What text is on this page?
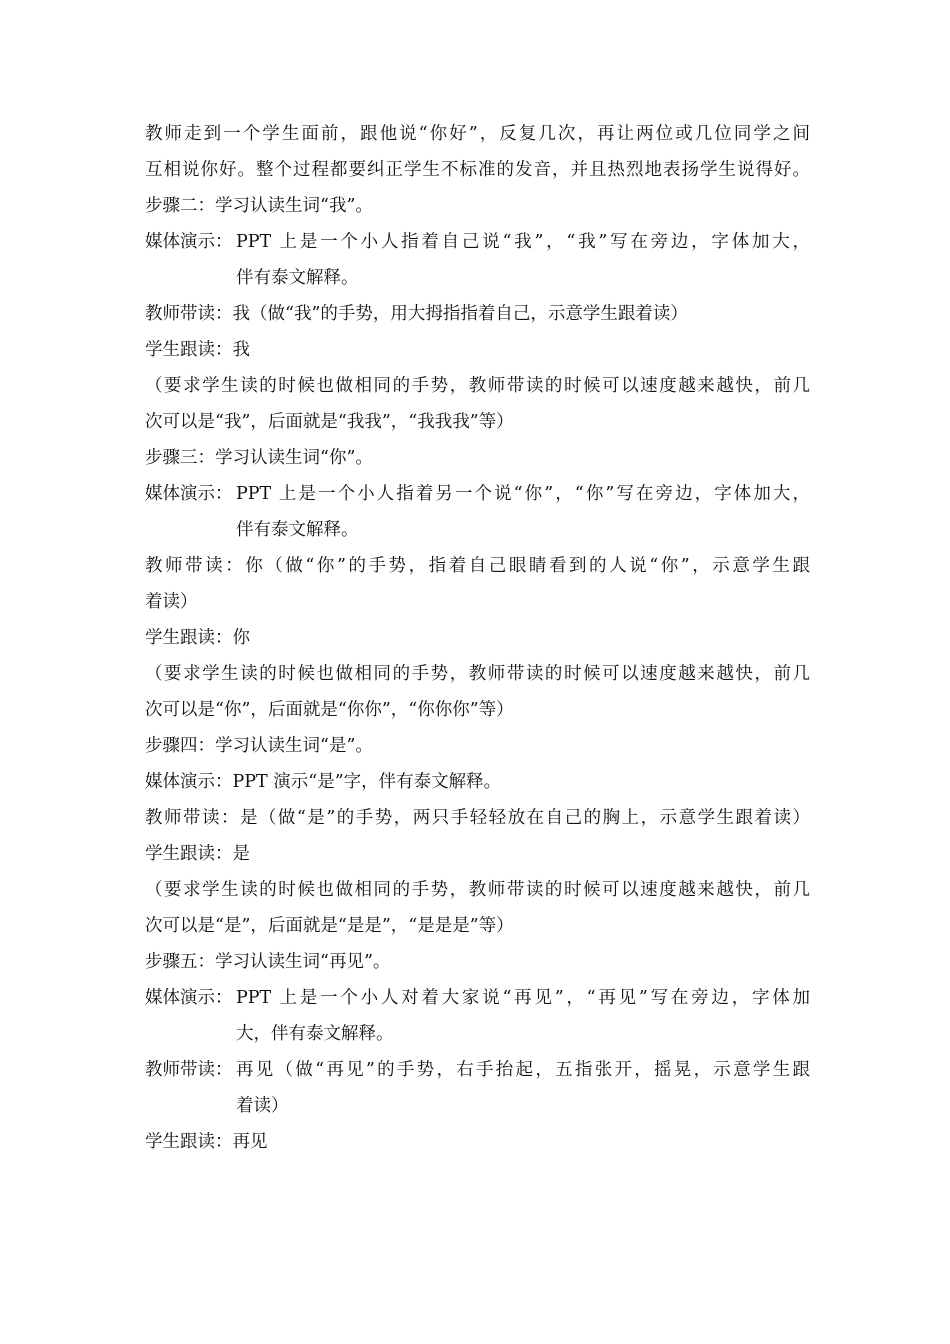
教师走到一个学生面前，跟他说“你好”，反复几次，再让两位或几位同学之间
互相说你好。整个过程都要纠正学生不标准的发音，并且热烈地表扬学生说得好。
步骤二：学习认读生词“我”。
媒体演示： PPT 上是一个小人指着自己说“我”，“我”写在旁边，字体加大，
伴有泰文解释。
教师带读：我（做“我”的手势，用大拇指指着自己，示意学生跟着读）
学生跟读：我
（要求学生读的时候也做相同的手势，教师带读的时候可以速度越来越快，前几
次可以是“我”，后面就是“我我”，“我我我”等）
步骤三：学习认读生词“你”。
媒体演示： PPT 上是一个小人指着另一个说“你”，“你”写在旁边，字体加大，
伴有泰文解释。
教师带读：你（做“你”的手势，指着自己眼睛看到的人说“你”，示意学生跟
着读）
学生跟读：你
（要求学生读的时候也做相同的手势，教师带读的时候可以速度越来越快，前几
次可以是“你”，后面就是“你你”，“你你你”等）
步骤四：学习认读生词“是”。
媒体演示：PPT 演示“是”字，伴有泰文解释。
教师带读：是（做“是”的手势，两只手轻轻放在自己的胸上，示意学生跟着读）
学生跟读：是
（要求学生读的时候也做相同的手势，教师带读的时候可以速度越来越快，前几
次可以是“是”，后面就是“是是”，“是是是”等）
步骤五：学习认读生词“再见”。
媒体演示： PPT 上是一个小人对着大家说“再见”，“再见”写在旁边，字体加
大，伴有泰文解释。
教师带读： 再见（做“再见”的手势，右手抬起，五指张开，摇晃，示意学生跟
着读）
学生跟读：再见
